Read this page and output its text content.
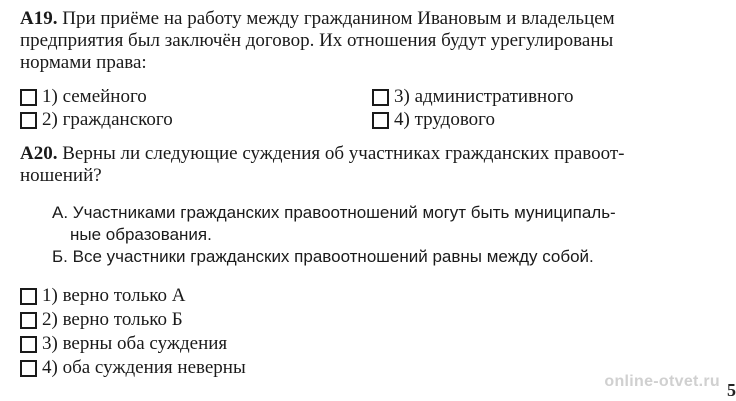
А19. При приёме на работу между гражданином Ивановым и владельцем
предприятия был заключён договор. Их отношения будут урегулированы
нормами права:
1) семейного	3) административного
2) гражданского	4) трудового
А20. Верны ли следующие суждения об участниках гражданских правоот-
ношений?
А. Участниками гражданских правоотношений могут быть муниципаль-
ные образования.
Б. Все участники гражданских правоотношений равны между собой.
1) верно только А
2) верно только Б
3) верны оба суждения
4) оба суждения неверны
online-otvet.ru 5
